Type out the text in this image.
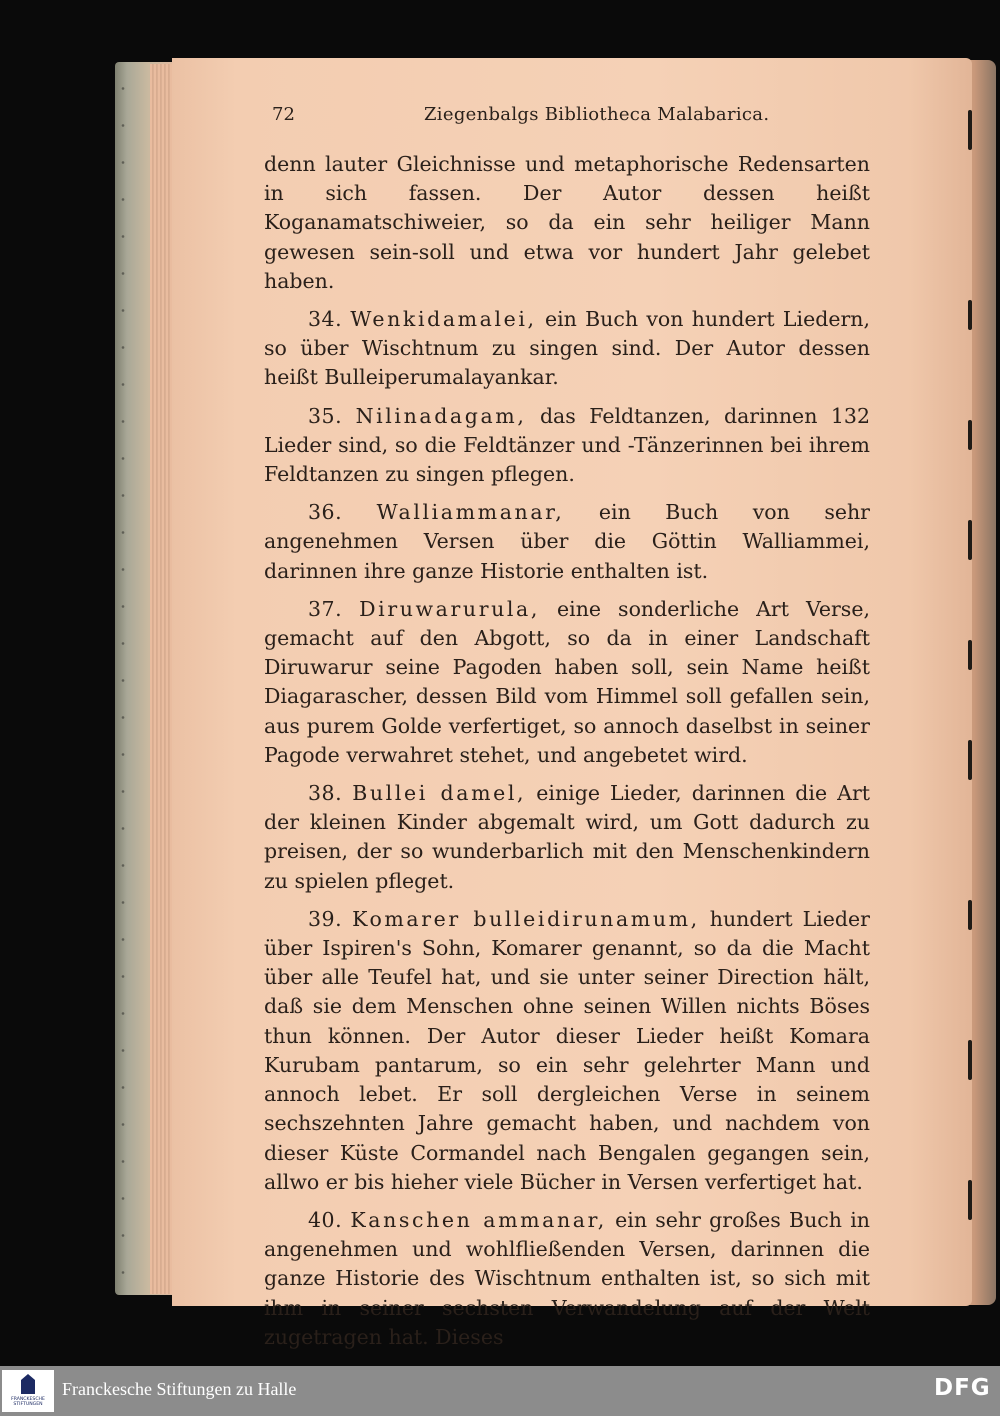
72	Ziegenbalgs Bibliotheca Malabarica.

denn lauter Gleichnisse und metaphorische Redensarten in sich fassen. Der Autor dessen heißt Koganamatschiweier, so da ein sehr heiliger Mann gewesen sein-soll und etwa vor hundert Jahr gelebet haben.

34. Wenkidamalei, ein Buch von hundert Liedern, so über Wischtnum zu singen sind. Der Autor dessen heißt Bulleiperumalayankar.

35. Nilinadagam, das Feldtanzen, darinnen 132 Lieder sind, so die Feldtänzer und -Tänzerinnen bei ihrem Feldtanzen zu singen pflegen.

36. Walliammanar, ein Buch von sehr angenehmen Versen über die Göttin Walliammei, darinnen ihre ganze Historie enthalten ist.

37. Diruwarurula, eine sonderliche Art Verse, gemacht auf den Abgott, so da in einer Landschaft Diruwarur seine Pagoden haben soll, sein Name heißt Diagarascher, dessen Bild vom Himmel soll gefallen sein, aus purem Golde verfertiget, so annoch daselbst in seiner Pagode verwahret stehet, und angebetet wird.

38. Bullei damel, einige Lieder, darinnen die Art der kleinen Kinder abgemalt wird, um Gott dadurch zu preisen, der so wunderbarlich mit den Menschenkindern zu spielen pfleget.

39. Komarer bulleidirunamum, hundert Lieder über Ispiren's Sohn, Komarer genannt, so da die Macht über alle Teufel hat, und sie unter seiner Direction hält, daß sie dem Menschen ohne seinen Willen nichts Böses thun können. Der Autor dieser Lieder heißt Komara Kurubam pantarum, so ein sehr gelehrter Mann und annoch lebet. Er soll dergleichen Verse in seinem sechszehnten Jahre gemacht haben, und nachdem von dieser Küste Cormandel nach Bengalen gegangen sein, allwo er bis hieher viele Bücher in Versen verfertiget hat.

40. Kanschen ammanar, ein sehr großes Buch in angenehmen und wohlfließenden Versen, darinnen die ganze Historie des Wischtnum enthalten ist, so sich mit ihm in seiner sechsten Verwandelung auf der Welt zugetragen hat. Dieses

FRANCKESCHE STIFTUNGEN
Franckesche Stiftungen zu Halle	DFG
